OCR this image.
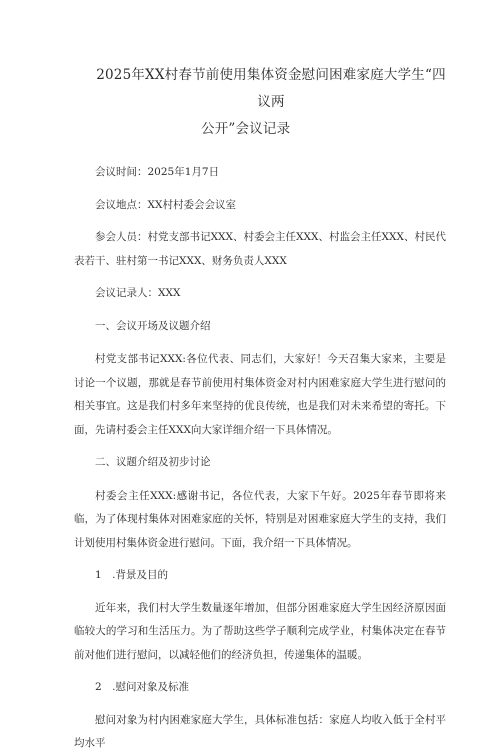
2025年XX村春节前使用集体资金慰问困难家庭大学生“四议两
公开”会议记录

会议时间：2025年1月7日

会议地点：XX村村委会会议室

参会人员：村党支部书记XXX、村委会主任XXX、村监会主任XXX、村民代表若干、驻村第一书记XXX、财务负责人XXX

会议记录人：XXX

一、会议开场及议题介绍

村党支部书记XXX:各位代表、同志们，大家好！今天召集大家来，主要是讨论一个议题，那就是春节前使用村集体资金对村内困难家庭大学生进行慰问的相关事宜。这是我们村多年来坚持的优良传统，也是我们对未来希望的寄托。下面，先请村委会主任XXX向大家详细介绍一下具体情况。

二、议题介绍及初步讨论

村委会主任XXX:感谢书记，各位代表，大家下午好。2025年春节即将来临，为了体现村集体对困难家庭的关怀，特别是对困难家庭大学生的支持，我们计划使用村集体资金进行慰问。下面，我介绍一下具体情况。

1　.背景及目的

近年来，我们村大学生数量逐年增加，但部分困难家庭大学生因经济原因面临较大的学习和生活压力。为了帮助这些学子顺利完成学业，村集体决定在春节前对他们进行慰问，以减轻他们的经济负担，传递集体的温暖。

2　.慰问对象及标准

慰问对象为村内困难家庭大学生，具体标准包括：家庭人均收入低于全村平均水平
